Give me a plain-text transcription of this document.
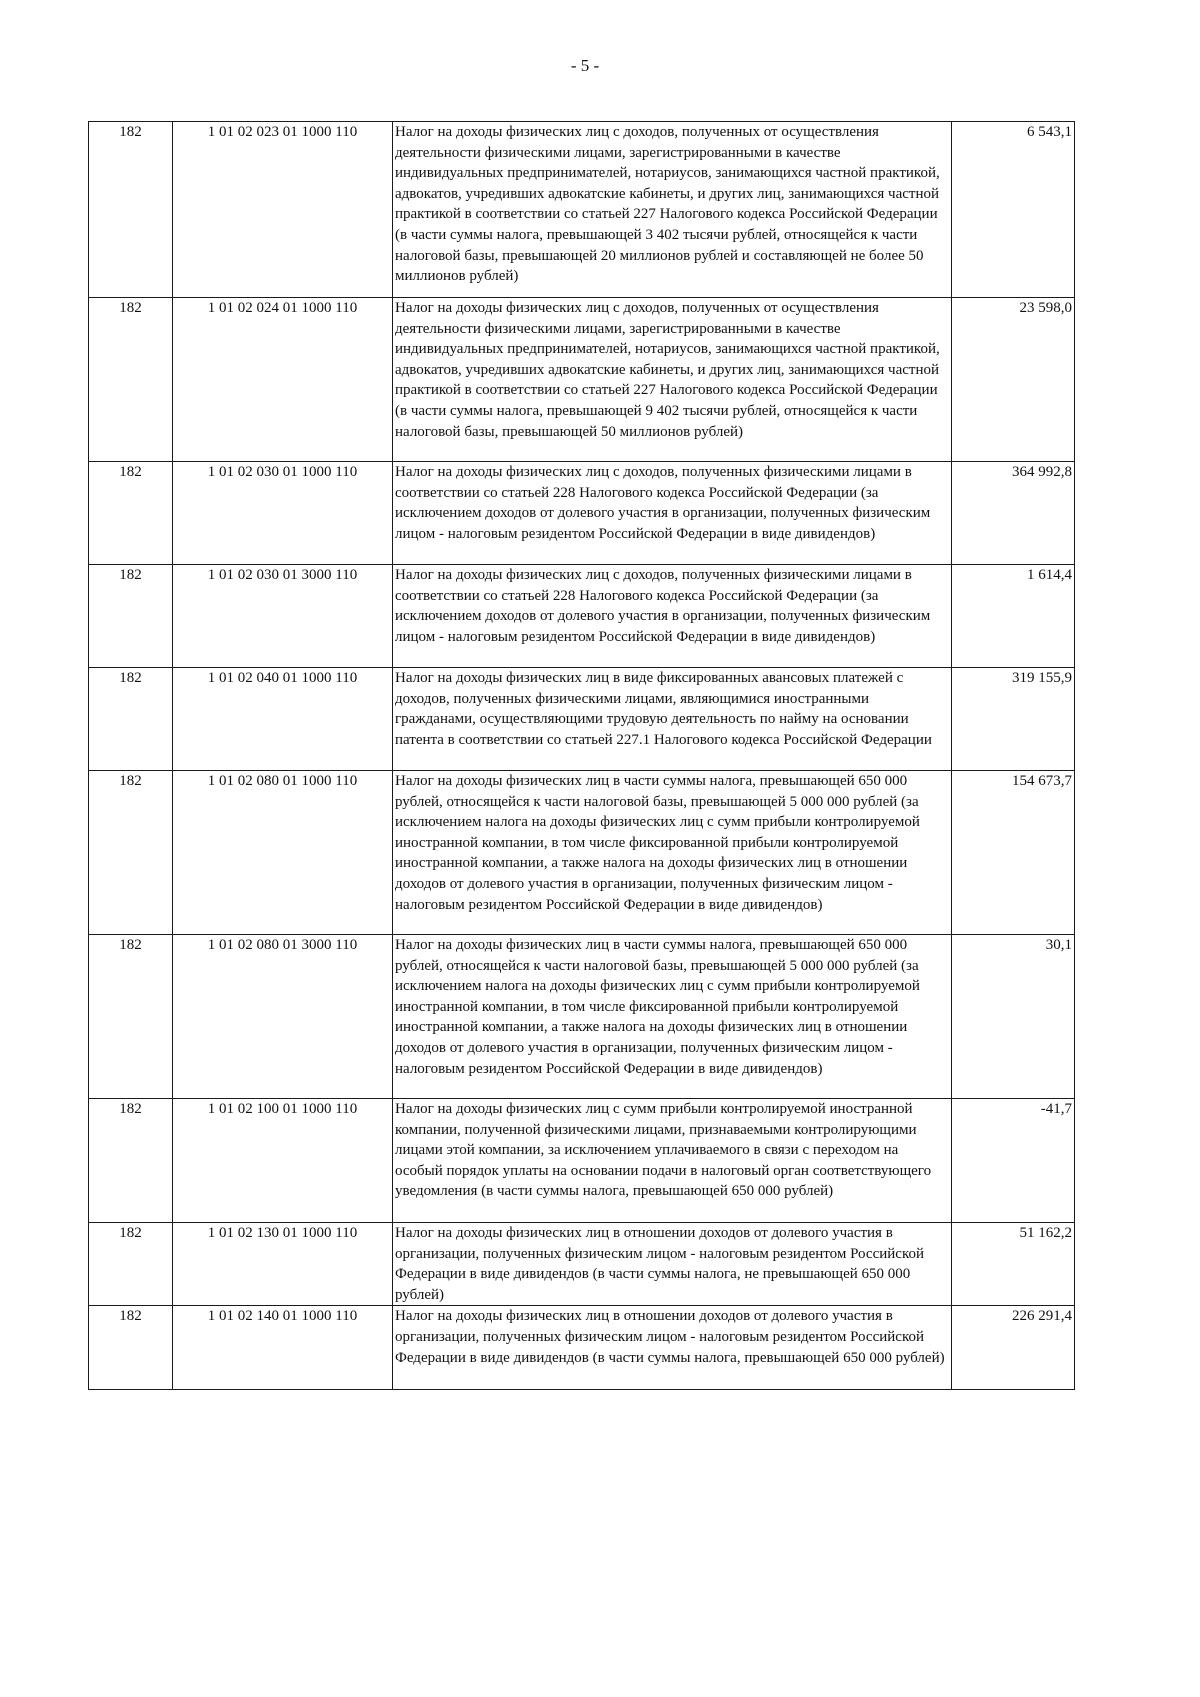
- 5 -
182	1 01 02 023 01 1000 110	Налог на доходы физических лиц с доходов, полученных от осуществления деятельности физическими лицами, зарегистрированными в качестве индивидуальных предпринимателей, нотариусов, занимающихся частной практикой, адвокатов, учредивших адвокатские кабинеты, и других лиц, занимающихся частной практикой в соответствии со статьей 227 Налогового кодекса Российской Федерации (в части суммы налога, превышающей 3 402 тысячи рублей, относящейся к части налоговой базы, превышающей 20 миллионов рублей и составляющей не более 50 миллионов рублей)	6 543,1
182	1 01 02 024 01 1000 110	Налог на доходы физических лиц с доходов, полученных от осуществления деятельности физическими лицами, зарегистрированными в качестве индивидуальных предпринимателей, нотариусов, занимающихся частной практикой, адвокатов, учредивших адвокатские кабинеты, и других лиц, занимающихся частной практикой в соответствии со статьей 227 Налогового кодекса Российской Федерации (в части суммы налога, превышающей 9 402 тысячи рублей, относящейся к части налоговой базы, превышающей 50 миллионов рублей)	23 598,0
182	1 01 02 030 01 1000 110	Налог на доходы физических лиц с доходов, полученных физическими лицами в соответствии со статьей 228 Налогового кодекса Российской Федерации (за исключением доходов от долевого участия в организации, полученных физическим лицом - налоговым резидентом Российской Федерации в виде дивидендов)	364 992,8
182	1 01 02 030 01 3000 110	Налог на доходы физических лиц с доходов, полученных физическими лицами в соответствии со статьей 228 Налогового кодекса Российской Федерации (за исключением доходов от долевого участия в организации, полученных физическим лицом - налоговым резидентом Российской Федерации в виде дивидендов)	1 614,4
182	1 01 02 040 01 1000 110	Налог на доходы физических лиц в виде фиксированных авансовых платежей с доходов, полученных физическими лицами, являющимися иностранными гражданами, осуществляющими трудовую деятельность по найму на основании патента в соответствии со статьей 227.1 Налогового кодекса Российской Федерации	319 155,9
182	1 01 02 080 01 1000 110	Налог на доходы физических лиц в части суммы налога, превышающей 650 000 рублей, относящейся к части налоговой базы, превышающей 5 000 000 рублей (за исключением налога на доходы физических лиц с сумм прибыли контролируемой иностранной компании, в том числе фиксированной прибыли контролируемой иностранной компании, а также налога на доходы физических лиц в отношении доходов от долевого участия в организации, полученных физическим лицом - налоговым резидентом Российской Федерации в виде дивидендов)	154 673,7
182	1 01 02 080 01 3000 110	Налог на доходы физических лиц в части суммы налога, превышающей 650 000 рублей, относящейся к части налоговой базы, превышающей 5 000 000 рублей (за исключением налога на доходы физических лиц с сумм прибыли контролируемой иностранной компании, в том числе фиксированной прибыли контролируемой иностранной компании, а также налога на доходы физических лиц в отношении доходов от долевого участия в организации, полученных физическим лицом - налоговым резидентом Российской Федерации в виде дивидендов)	30,1
182	1 01 02 100 01 1000 110	Налог на доходы физических лиц с сумм прибыли контролируемой иностранной компании, полученной физическими лицами, признаваемыми контролирующими лицами этой компании, за исключением уплачиваемого в связи с переходом на особый порядок уплаты на основании подачи в налоговый орган соответствующего уведомления (в части суммы налога, превышающей 650 000 рублей)	-41,7
182	1 01 02 130 01 1000 110	Налог на доходы физических лиц в отношении доходов от долевого участия в организации, полученных физическим лицом - налоговым резидентом Российской Федерации в виде дивидендов (в части суммы налога, не превышающей 650 000 рублей)	51 162,2
182	1 01 02 140 01 1000 110	Налог на доходы физических лиц в отношении доходов от долевого участия в организации, полученных физическим лицом - налоговым резидентом Российской Федерации в виде дивидендов (в части суммы налога, превышающей 650 000 рублей)	226 291,4
